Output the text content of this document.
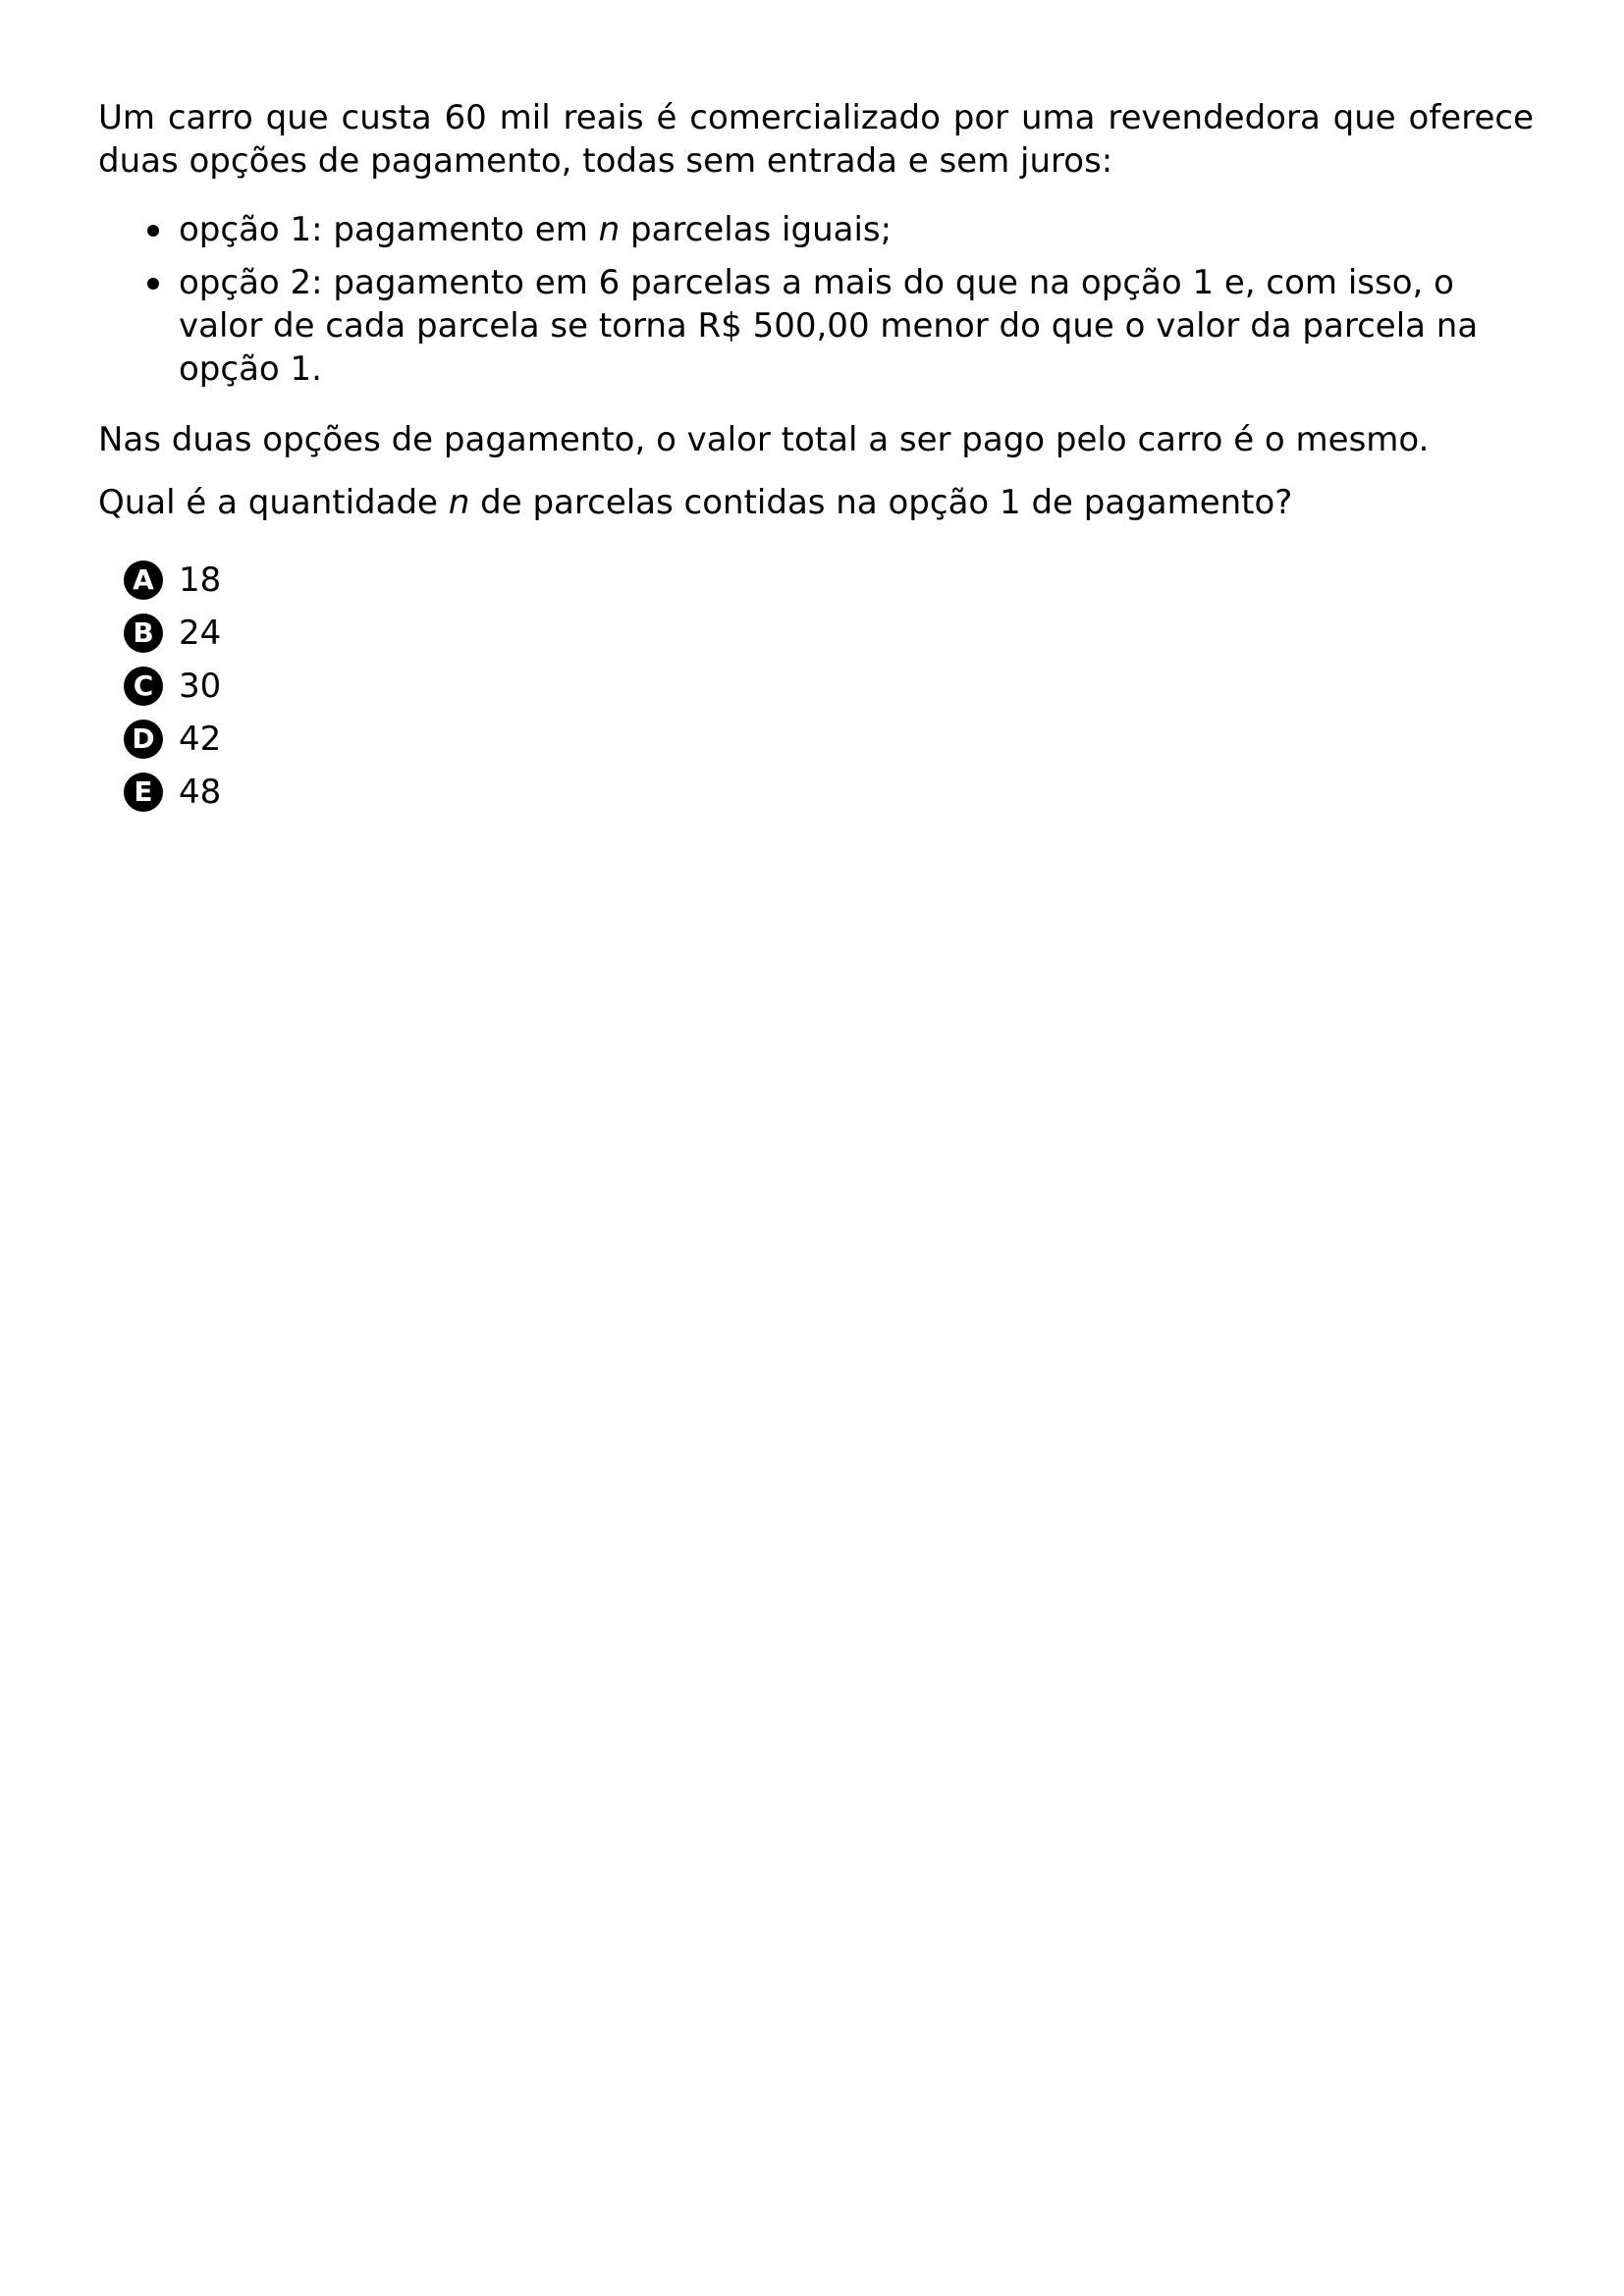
Um carro que custa 60 mil reais é comercializado por uma revendedora que oferece duas opções de pagamento, todas sem entrada e sem juros:

opção 1: pagamento em n parcelas iguais;
opção 2: pagamento em 6 parcelas a mais do que na opção 1 e, com isso, o valor de cada parcela se torna R$ 500,00 menor do que o valor da parcela na opção 1.

Nas duas opções de pagamento, o valor total a ser pago pelo carro é o mesmo.

Qual é a quantidade n de parcelas contidas na opção 1 de pagamento?

A 18
B 24
C 30
D 42
E 48
